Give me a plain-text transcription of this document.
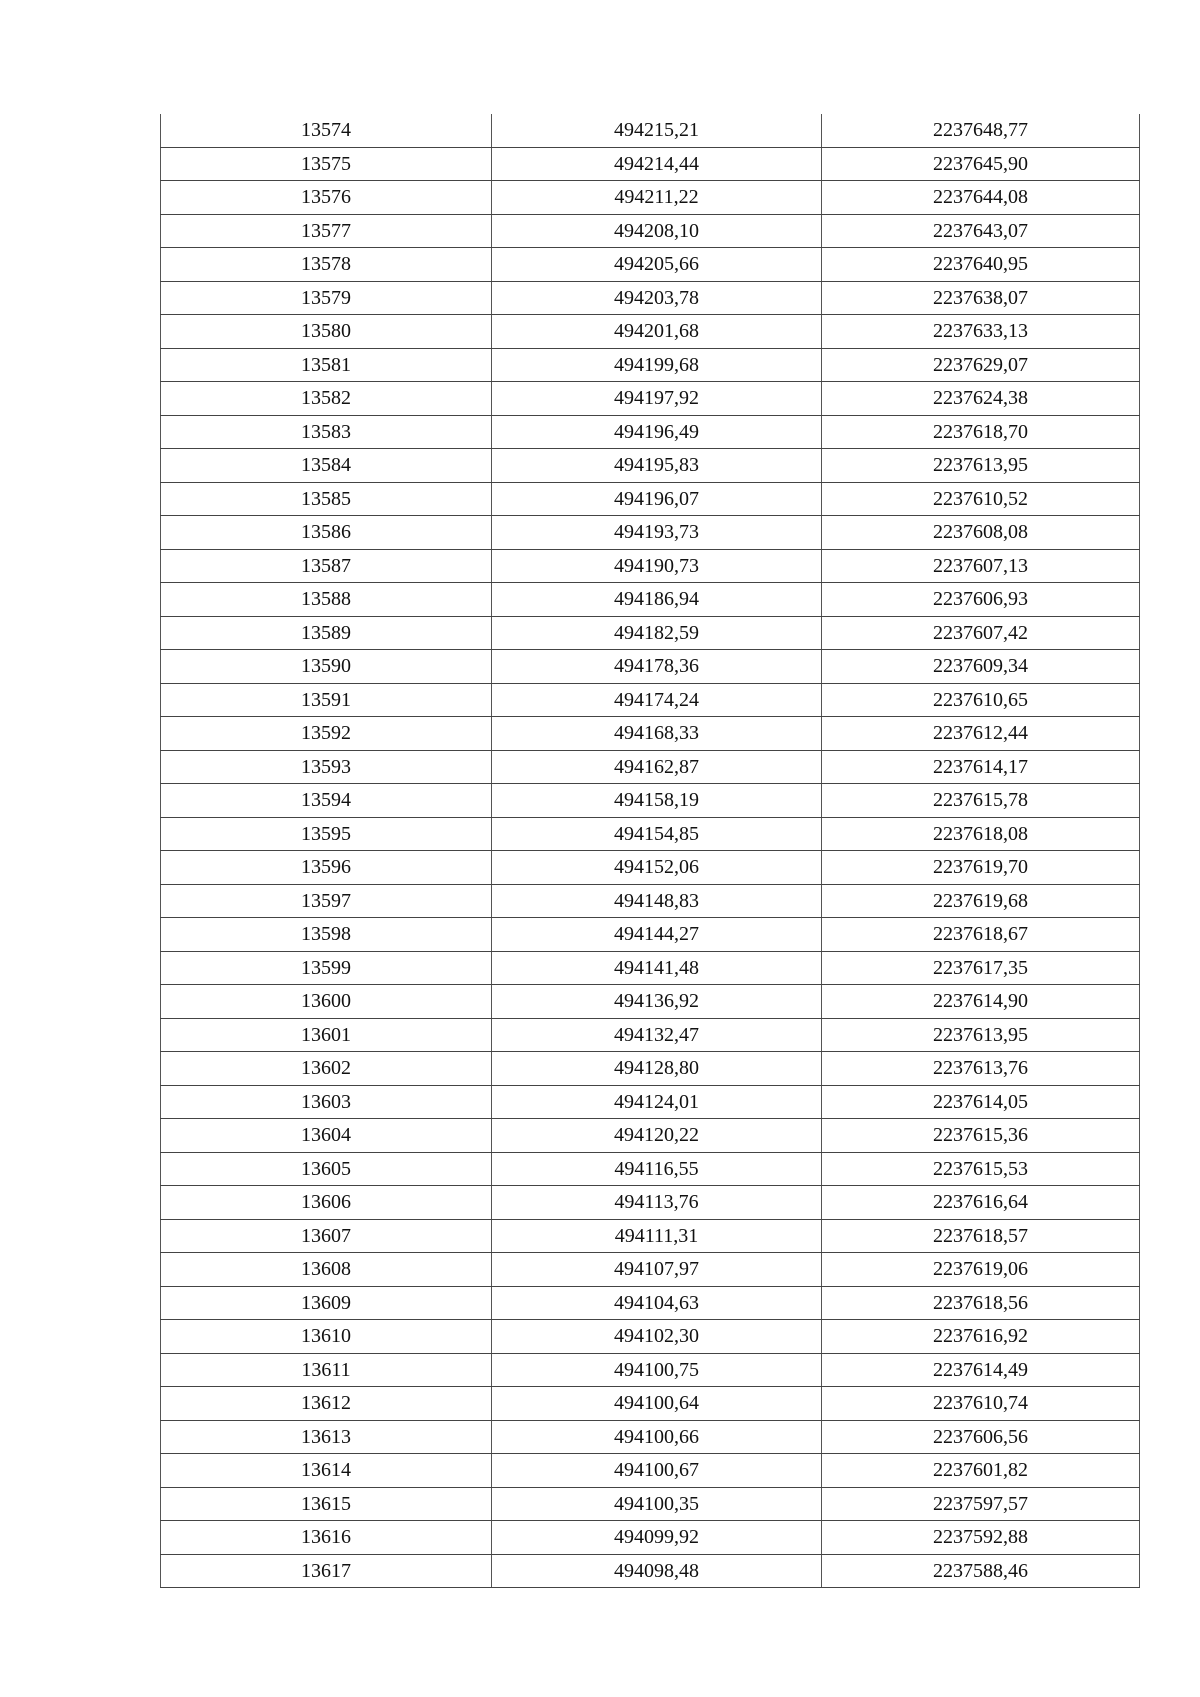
13574	494215,21	2237648,77
13575	494214,44	2237645,90
13576	494211,22	2237644,08
13577	494208,10	2237643,07
13578	494205,66	2237640,95
13579	494203,78	2237638,07
13580	494201,68	2237633,13
13581	494199,68	2237629,07
13582	494197,92	2237624,38
13583	494196,49	2237618,70
13584	494195,83	2237613,95
13585	494196,07	2237610,52
13586	494193,73	2237608,08
13587	494190,73	2237607,13
13588	494186,94	2237606,93
13589	494182,59	2237607,42
13590	494178,36	2237609,34
13591	494174,24	2237610,65
13592	494168,33	2237612,44
13593	494162,87	2237614,17
13594	494158,19	2237615,78
13595	494154,85	2237618,08
13596	494152,06	2237619,70
13597	494148,83	2237619,68
13598	494144,27	2237618,67
13599	494141,48	2237617,35
13600	494136,92	2237614,90
13601	494132,47	2237613,95
13602	494128,80	2237613,76
13603	494124,01	2237614,05
13604	494120,22	2237615,36
13605	494116,55	2237615,53
13606	494113,76	2237616,64
13607	494111,31	2237618,57
13608	494107,97	2237619,06
13609	494104,63	2237618,56
13610	494102,30	2237616,92
13611	494100,75	2237614,49
13612	494100,64	2237610,74
13613	494100,66	2237606,56
13614	494100,67	2237601,82
13615	494100,35	2237597,57
13616	494099,92	2237592,88
13617	494098,48	2237588,46
